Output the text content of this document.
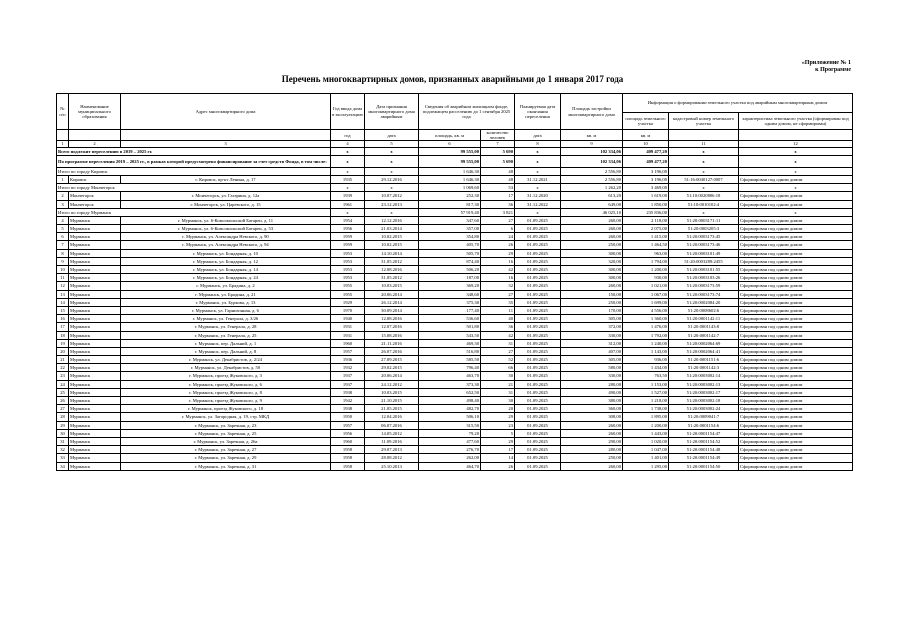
«Приложение № 1
к Программе
Перечень многоквартирных домов, признанных аварийными до 1 января 2017 года
№ п/п	Наименование муниципального образования	Адрес многоквартирного дома	Год ввода дома в эксплуатацию	Дата признания многоквартирного дома аварийным	Сведения об аварийном жилищном фонде, подлежащем расселению до 1 сентября 2025 года		Планируемая дата окончания переселения	Площадь застройки многоквартирного дома	Информация о формировании земельного участка под аварийным многоквартирным домом		
									площадь земельного участка	кадастровый номер земельного участка	характеристика земельного участка (сформирован под одним домом, не сформирован)
			год	дата	площадь, кв. м	количество человек	дата	кв. м	кв. м		
1	2	3	4	5	6	7	8	9	10	11	12
Всего подлежит переселению в 2019 – 2025 гг.			х	х	99 555,00	5 690	х	102 334,06	409 477,20	х	х
По программе переселения 2019 – 2025 гг., в рамках которой предусмотрено финансирование за счет средств Фонда, в том числе:			х	х	99 555,00	5 690	х	102 334,06	409 477,20	х	х
Итого по городу Кировск			х	х	1 646,30	48	х	2 556,80	3 196,00	х	х
1	Кировск	г. Кировск, пр-кт Ленина, д. 17	1935	29.12.2016	1 646,30	48	31.12.2021	2 556,80	3 196,00	51:16:0040127:0007	Сформирован под одним домом
Итого по городу Мончегорск			х	х	1 069,60	53	х	1 262,20	3 469,00	х	х
2	Мончегорск	г. Мончегорск, ул. Гагарина, д. 12а	1939	10.07.2012	252,30	17	31.12.2020	613,20	1 619,00	51:10:0020806:18	Сформирован под одним домом
3	Мончегорск	г. Мончегорск, ул. Царевского, д. 15	1961	23.12.2013	817,30	36	31.12.2022	649,00	1 850,00	51:10:0010102:4	Сформирован под одним домом
Итого по городу Мурманск			х	х	57 919,40	3 821	х	46 025,10	235 836,00	х	х
4	Мурманск	г. Мурманск, ул. 6-Комсомольской Батареи, д. 11	1954	12.12.2016	347,60	27	01.09.2025	260,00	2 118,00	51:20:0003171:11	Сформирован под одним домом
5	Мурманск	г. Мурманск, ул. 6-Комсомольской Батареи, д. 53	1956	21.03.2014	357,00	6	01.09.2025	260,00	2 075,00	51:20:0003205:3	Сформирован под одним домом
6	Мурманск	г. Мурманск, ул. Александра Невского, д. 90	1959	10.02.2015	354,80	24	01.09.2025	260,00	1 415,00	51:20:0003173:45	Сформирован под одним домом
7	Мурманск	г. Мурманск, ул. Александра Невского, д. 94	1959	10.02.2015	405,70	26	01.09.2025	250,00	1 464,50	51:20:0003173:46	Сформирован под одним домом
8	Мурманск	г. Мурманск, ул. Бондарная, д. 10	1953	14.10.2014	505,70	29	01.09.2025	300,00	963,00	51:20:0003101:49	Сформирован под одним домом
9	Мурманск	г. Мурманск, ул. Бондарная, д. 12	1953	31.05.2012	874,40	16	01.09.2025	320,00	1 794,00	51:20:0003289:2455	Сформирован под одним домом
10	Мурманск	г. Мурманск, ул. Бондарная, д. 14	1953	12.08.2016	506,20	42	01.09.2025	300,00	1 200,00	51:20:0003101:55	Сформирован под одним домом
11	Мурманск	г. Мурманск, ул. Бондарная, д. 24	1953	31.05.2012	187,00	16	01.09.2025	300,00	930,00	51:20:0003103:26	Сформирован под одним домом
12	Мурманск	г. Мурманск, ул. Брадина, д. 2	1955	10.03.2015	369,20	32	01.09.2025	260,00	1 021,00	51:20:0003173:59	Сформирован под одним домом
13	Мурманск	г. Мурманск, ул. Брадина, д. 21	1955	20.06.2014	348,60	27	01.09.2025	150,00	1 067,00	51:20:0003173:74	Сформирован под одним домом
14	Мурманск	г. Мурманск, ул. Буркова, д. 13	1929	26.12.2014	375,30	35	01.09.2025	250,00	1 699,00	51:20:0002084:20	Сформирован под одним домом
15	Мурманск	г. Мурманск, ул. Гарнизонная, д. 6	1970	30.09.2014	177,40	11	01.09.2025	170,00	4 556,00	51:20:0008602:6	Сформирован под одним домом
16	Мурманск	г. Мурманск, ул. Генерала, д. 3/26	1940	12.08.2016	536,60	40	01.09.2025	305,00	1 360,00	51:20:0001142:11	Сформирован под одним домом
17	Мурманск	г. Мурманск, ул. Генерала, д. 28	1931	12.07.2016	501,80	36	01.09.2025	372,00	1 476,00	51:20:0001143:8	Сформирован под одним домом
18	Мурманск	г. Мурманск, ул. Генерала, д. 25	1931	15.08.2016	543,50	42	01.09.2025	330,00	1 792,00	51:20:0001142:7	Сформирован под одним домом
19	Мурманск	г. Мурманск, пер. Дальний, д. 1	1960	21.11.2016	469,30	31	01.09.2025	312,00	1 240,00	51:20:0002064:69	Сформирован под одним домом
20	Мурманск	г. Мурманск, пер. Дальний, д. 8	1957	26.07.2016	516,80	27	01.09.2025	407,00	1 143,00	51:20:0002064:41	Сформирован под одним домом
21	Мурманск	г. Мурманск, ул. Декабристов, д. 2/24	1936	27.09.2015	585,50	52	01.09.2025	305,00	936,00	51:20:0001151:6	Сформирован под одним домом
22	Мурманск	г. Мурманск, ул. Декабристов, д. 50	1932	29.02.2015	796,40	66	01.09.2025	580,00	1 434,00	51:20:0001142:3	Сформирован под одним домом
23	Мурманск	г. Мурманск, проезд Жуковского, д. 3	1937	20.06.2014	463,70	30	01.09.2025	330,00	763,50	51:20:0003002:14	Сформирован под одним домом
24	Мурманск	г. Мурманск, проезд Жуковского, д. 6	1937	24.12.2012	373,30	21	01.09.2025	280,00	1 153,00	51:20:0003002:13	Сформирован под одним домом
25	Мурманск	г. Мурманск, проезд Жуковского, д. 8	1938	10.03.2015	652,50	31	01.09.2025	490,00	1 527,00	51:20:0003002:17	Сформирован под одним домом
26	Мурманск	г. Мурманск, проезд Жуковского, д. 9	1942	21.10.2015	498,40	30	01.09.2025	380,00	1 218,00	51:20:0003002:18	Сформирован под одним домом
27	Мурманск	г. Мурманск, проезд Жуковского, д. 18	1938	21.05.2015	482,70	20	01.09.2025	360,00	1 738,00	51:20:0003002:24	Сформирован под одним домом
28	Мурманск	г. Мурманск, ул. Загородная, д. 19, стр. МКД	1950	12.04.2016	506,10	29	01.09.2025	308,00	1 895,00	51:20:0009041:7	Сформирован под одним домом
29	Мурманск	г. Мурманск, ул. Заречная, д. 23	1957	06.07.2016	315,50	23	01.09.2025	260,00	1 200,00	51:20:0001154:6	Сформирован под одним домом
30	Мурманск	г. Мурманск, ул. Заречная, д. 25	1956	14.05.2012	79,20	5	01.09.2025	260,00	1 443,00	51:20:0001154:47	Сформирован под одним домом
31	Мурманск	г. Мурманск, ул. Заречная, д. 26а	1960	11.09.2016	477,60	29	01.09.2025	290,00	1 020,00	51:20:0001154:52	Сформирован под одним домом
32	Мурманск	г. Мурманск, ул. Заречная, д. 27	1958	29.07.2013	276,70	17	01.09.2025	280,00	1 047,00	51:20:0001154:48	Сформирован под одним домом
33	Мурманск	г. Мурманск, ул. Заречная, д. 29	1958	28.08.2012	262,00	14	01.09.2025	250,00	1 401,00	51:20:0001154:49	Сформирован под одним домом
34	Мурманск	г. Мурманск, ул. Заречная, д. 31	1958	25.10.2013	464,70	26	01.09.2025	260,00	1 295,00	51:20:0001154:50	Сформирован под одним домом
